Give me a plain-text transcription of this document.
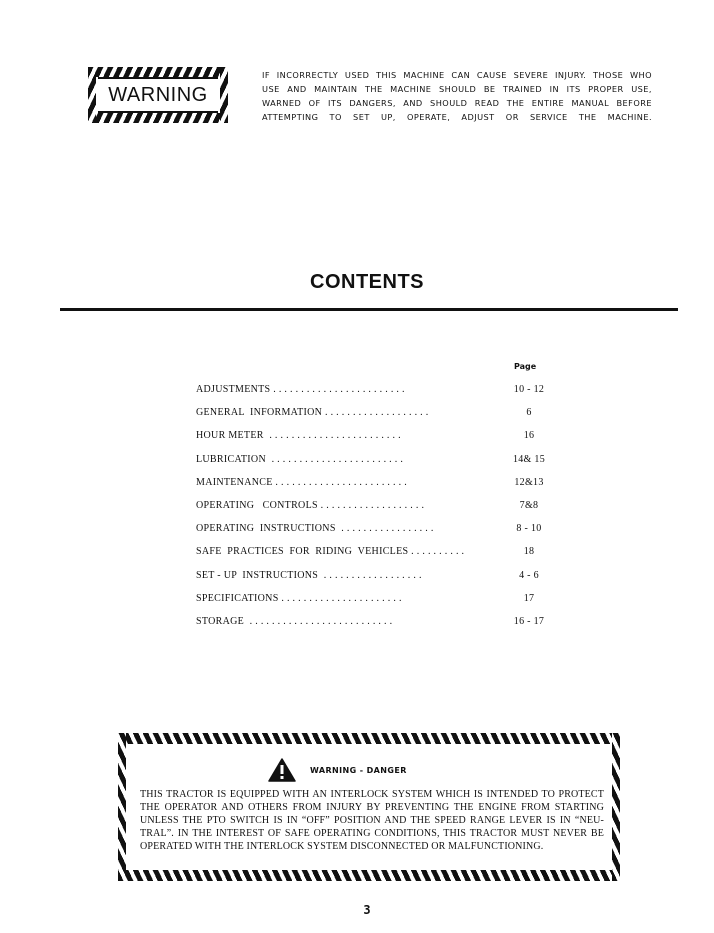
WARNING
IF INCORRECTLY USED THIS MACHINE CAN CAUSE SEVERE INJURY. THOSE WHO
USE AND MAINTAIN THE MACHINE SHOULD BE TRAINED IN ITS PROPER USE,
WARNED OF ITS DANGERS, AND SHOULD READ THE ENTIRE MANUAL BEFORE
ATTEMPTING TO SET UP, OPERATE, ADJUST OR SERVICE THE MACHINE.
CONTENTS
Page
ADJUSTMENTS . . . . . . . . . . . . . . . . . . . . . . . .	10 - 12
GENERAL  INFORMATION . . . . . . . . . . . . . . . . . . .	6
HOUR METER  . . . . . . . . . . . . . . . . . . . . . . . .	16
LUBRICATION  . . . . . . . . . . . . . . . . . . . . . . . .	14& 15
MAINTENANCE . . . . . . . . . . . . . . . . . . . . . . . .	12&13
OPERATING   CONTROLS . . . . . . . . . . . . . . . . . . .	7&8
OPERATING  INSTRUCTIONS  . . . . . . . . . . . . . . . . .	8 - 10
SAFE  PRACTICES  FOR  RIDING  VEHICLES . . . . . . . . . .	18
SET - UP  INSTRUCTIONS  . . . . . . . . . . . . . . . . . .	4 - 6
SPECIFICATIONS . . . . . . . . . . . . . . . . . . . . . .	17
STORAGE  . . . . . . . . . . . . . . . . . . . . . . . . . .	16 - 17
WARNING - DANGER
THIS TRACTOR IS EQUIPPED WITH AN INTERLOCK SYSTEM WHICH IS INTENDED TO PROTECT
THE OPERATOR AND OTHERS FROM INJURY BY PREVENTING THE ENGINE FROM STARTING
UNLESS THE PTO SWITCH IS IN “OFF” POSITION AND THE SPEED RANGE LEVER IS IN “NEU-
TRAL”. IN THE INTEREST OF SAFE OPERATING CONDITIONS, THIS TRACTOR MUST NEVER BE
OPERATED WITH THE INTERLOCK SYSTEM DISCONNECTED OR MALFUNCTIONING.
3
